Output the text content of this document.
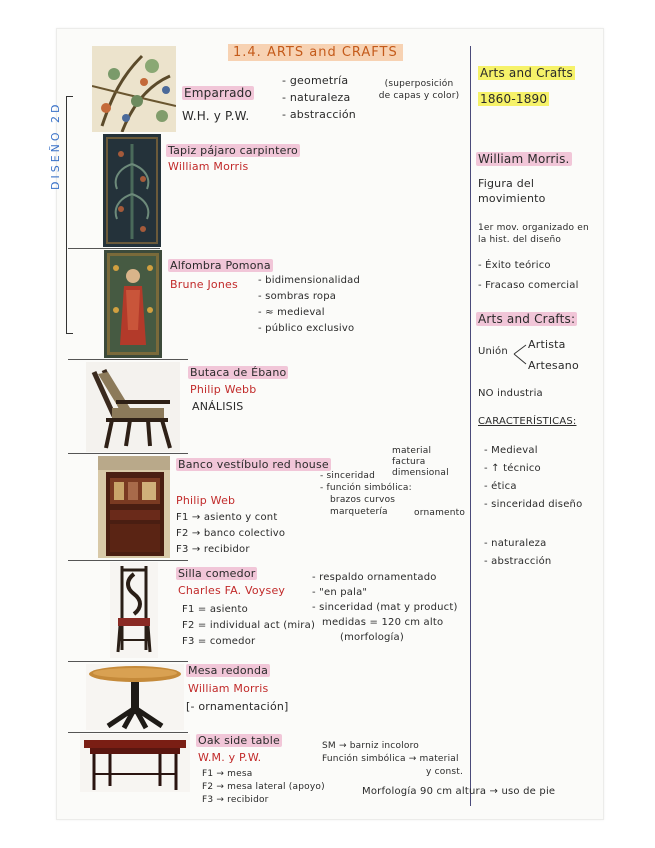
1.4. ARTS and CRAFTS
DISEÑO 2D
Emparrado
W.H. y P.W.
- geometría
- naturaleza
- abstracción
(superposición de capas y color)
Tapiz pájaro carpintero
William Morris
Alfombra Pomona
Brune Jones - bidimensionalidad
- sombras ropa
- ≈ medieval
- público exclusivo
Butaca de Ébano
Philip Webb
ANÁLISIS
Banco vestíbulo red house
Philip Web
F1 → asiento y cont
F2 → banco colectivo
F3 → recibidor
- sinceridad
- función simbólica:
brazos curvos
marquetería
material
factura
dimensional
ornamento
Silla comedor
Charles FA. Voysey
F1 = asiento
F2 = individual act (mira)
F3 = comedor
- respaldo ornamentado
- "en pala"
- sinceridad (mat y product)
medidas = 120 cm alto
(morfología)
Mesa redonda
William Morris
[- ornamentación]
Oak side table
W.M. y P.W.
F1 → mesa
F2 → mesa lateral (apoyo)
F3 → recibidor
SM → barniz incoloro
Función simbólica → material
y const.
Morfología 90 cm altura → uso de pie
Arts and Crafts
1860-1890
William Morris.
Figura del movimiento
1er mov. organizado en la hist. del diseño
- Éxito teórico
- Fracaso comercial
Arts and Crafts:
Unión
Artista
Artesano
NO industria
CARACTERÍSTICAS:
- Medieval
- ↑ técnico
- ética
- sinceridad diseño
- naturaleza
- abstracción
